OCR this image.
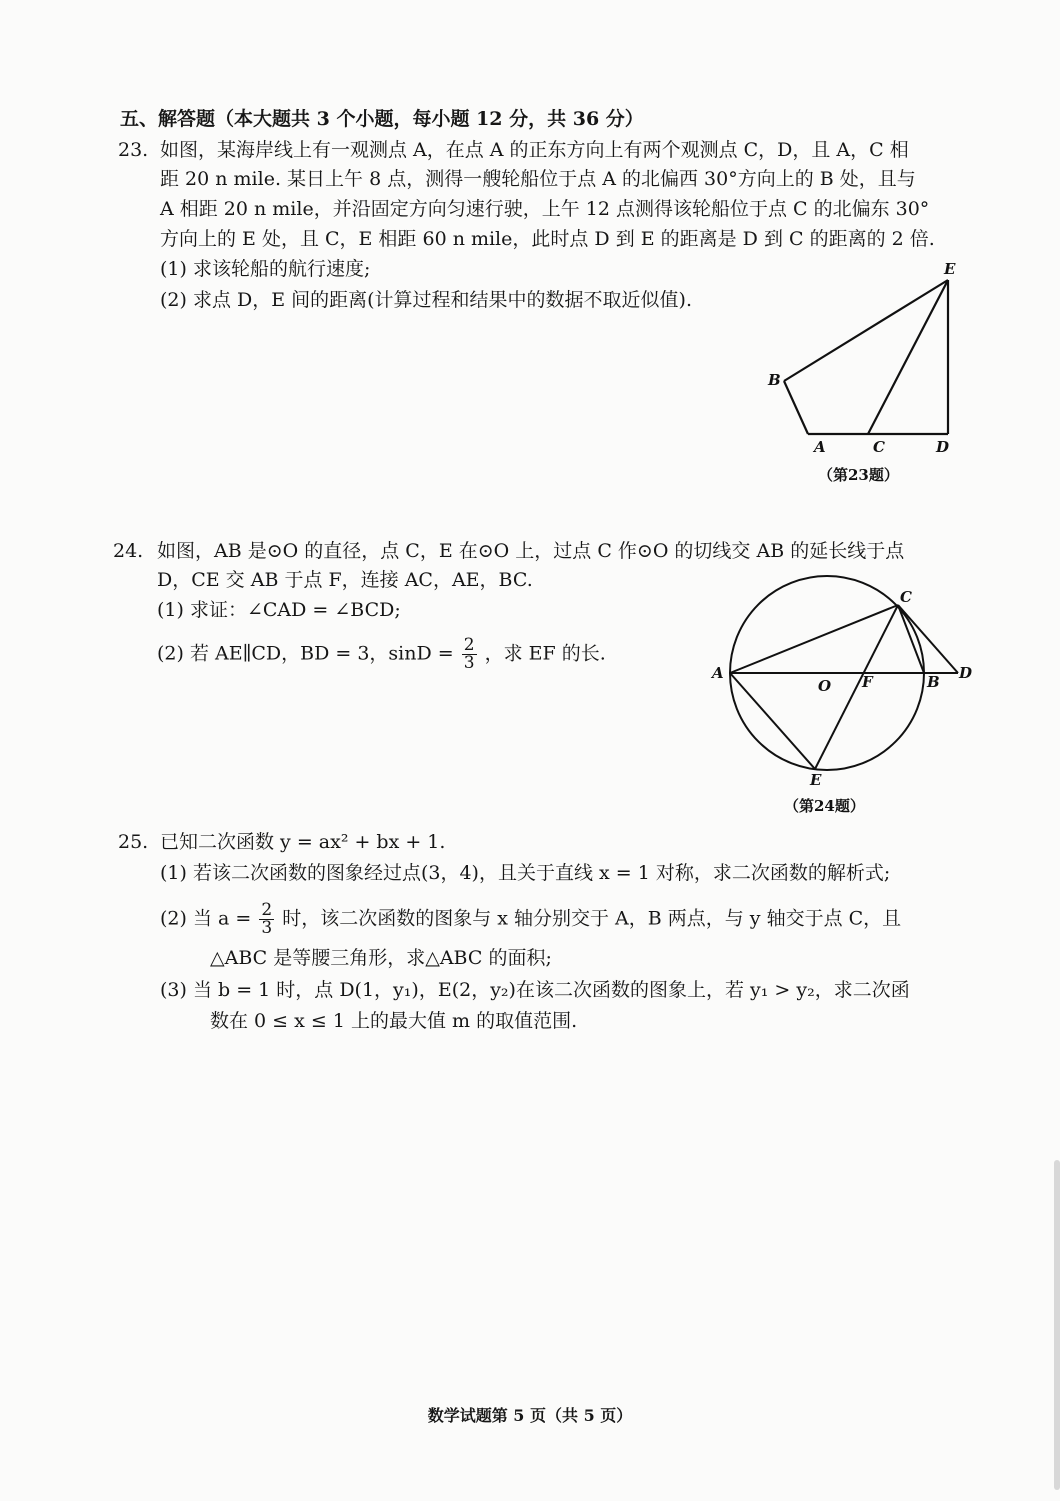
五、解答题（本大题共 3 个小题，每小题 12 分，共 36 分）
23. 如图，某海岸线上有一观测点 A，在点 A 的正东方向上有两个观测点 C，D，且 A，C 相
距 20 n mile. 某日上午 8 点，测得一艘轮船位于点 A 的北偏西 30°方向上的 B 处，且与
A 相距 20 n mile，并沿固定方向匀速行驶，上午 12 点测得该轮船位于点 C 的北偏东 30°
方向上的 E 处，且 C，E 相距 60 n mile，此时点 D 到 E 的距离是 D 到 C 的距离的 2 倍.
(1) 求该轮船的航行速度;
(2) 求点 D，E 间的距离(计算过程和结果中的数据不取近似值).
E
B
A	C	D
（第23题）
24. 如图，AB 是⊙O 的直径，点 C，E 在⊙O 上，过点 C 作⊙O 的切线交 AB 的延长线于点
D，CE 交 AB 于点 F，连接 AC，AE，BC.
(1) 求证：∠CAD = ∠BCD;
(2) 若 AE∥CD，BD = 3，$\sin D = \frac{2}{3}$ ，求 EF 的长.
A
O F	B D
C
E
（第24题）
25. 已知二次函数 y = ax² + bx + 1.
(1) 若该二次函数的图象经过点(3，4)，且关于直线 x = 1 对称，求二次函数的解析式;
(2) 当 $a = \frac{2}{3}$ 时，该二次函数的图象与 x 轴分别交于 A，B 两点，与 y 轴交于点 C，且
△ABC 是等腰三角形，求△ABC 的面积;
(3) 当 b = 1 时，点 D(1，y₁)，E(2，y₂)在该二次函数的图象上，若 y₁ > y₂，求二次函
数在 0 ≤ x ≤ 1 上的最大值 m 的取值范围.
数学试题第 5 页（共 5 页）
